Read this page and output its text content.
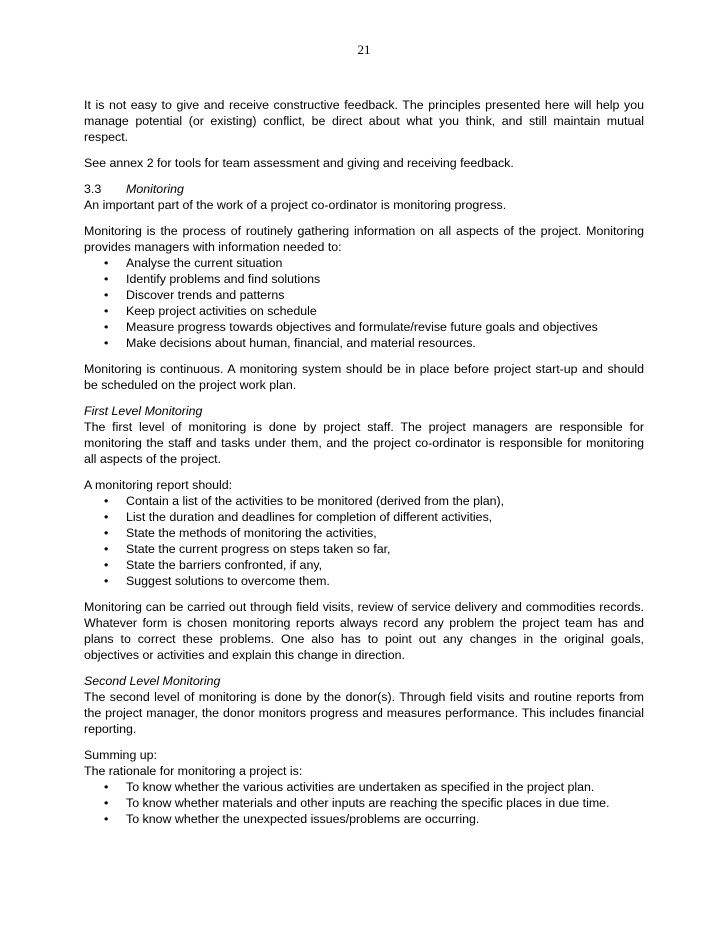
21

It is not easy to give and receive constructive feedback. The principles presented here will help you manage potential (or existing) conflict, be direct about what you think, and still maintain mutual respect.

See annex 2 for tools for team assessment and giving and receiving feedback.

3.3 Monitoring

An important part of the work of a project co-ordinator is monitoring progress.

Monitoring is the process of routinely gathering information on all aspects of the project. Monitoring provides managers with information needed to:

• Analyse the current situation
• Identify problems and find solutions
• Discover trends and patterns
• Keep project activities on schedule
• Measure progress towards objectives and formulate/revise future goals and objectives
• Make decisions about human, financial, and material resources.

Monitoring is continuous. A monitoring system should be in place before project start-up and should be scheduled on the project work plan.

First Level Monitoring

The first level of monitoring is done by project staff. The project managers are responsible for monitoring the staff and tasks under them, and the project co-ordinator is responsible for monitoring all aspects of the project.

A monitoring report should:

• Contain a list of the activities to be monitored (derived from the plan),
• List the duration and deadlines for completion of different activities,
• State the methods of monitoring the activities,
• State the current progress on steps taken so far,
• State the barriers confronted, if any,
• Suggest solutions to overcome them.

Monitoring can be carried out through field visits, review of service delivery and commodities records. Whatever form is chosen monitoring reports always record any problem the project team has and plans to correct these problems. One also has to point out any changes in the original goals, objectives or activities and explain this change in direction.

Second Level Monitoring

The second level of monitoring is done by the donor(s). Through field visits and routine reports from the project manager, the donor monitors progress and measures performance. This includes financial reporting.

Summing up:

The rationale for monitoring a project is:

• To know whether the various activities are undertaken as specified in the project plan.
• To know whether materials and other inputs are reaching the specific places in due time.
• To know whether the unexpected issues/problems are occurring.
